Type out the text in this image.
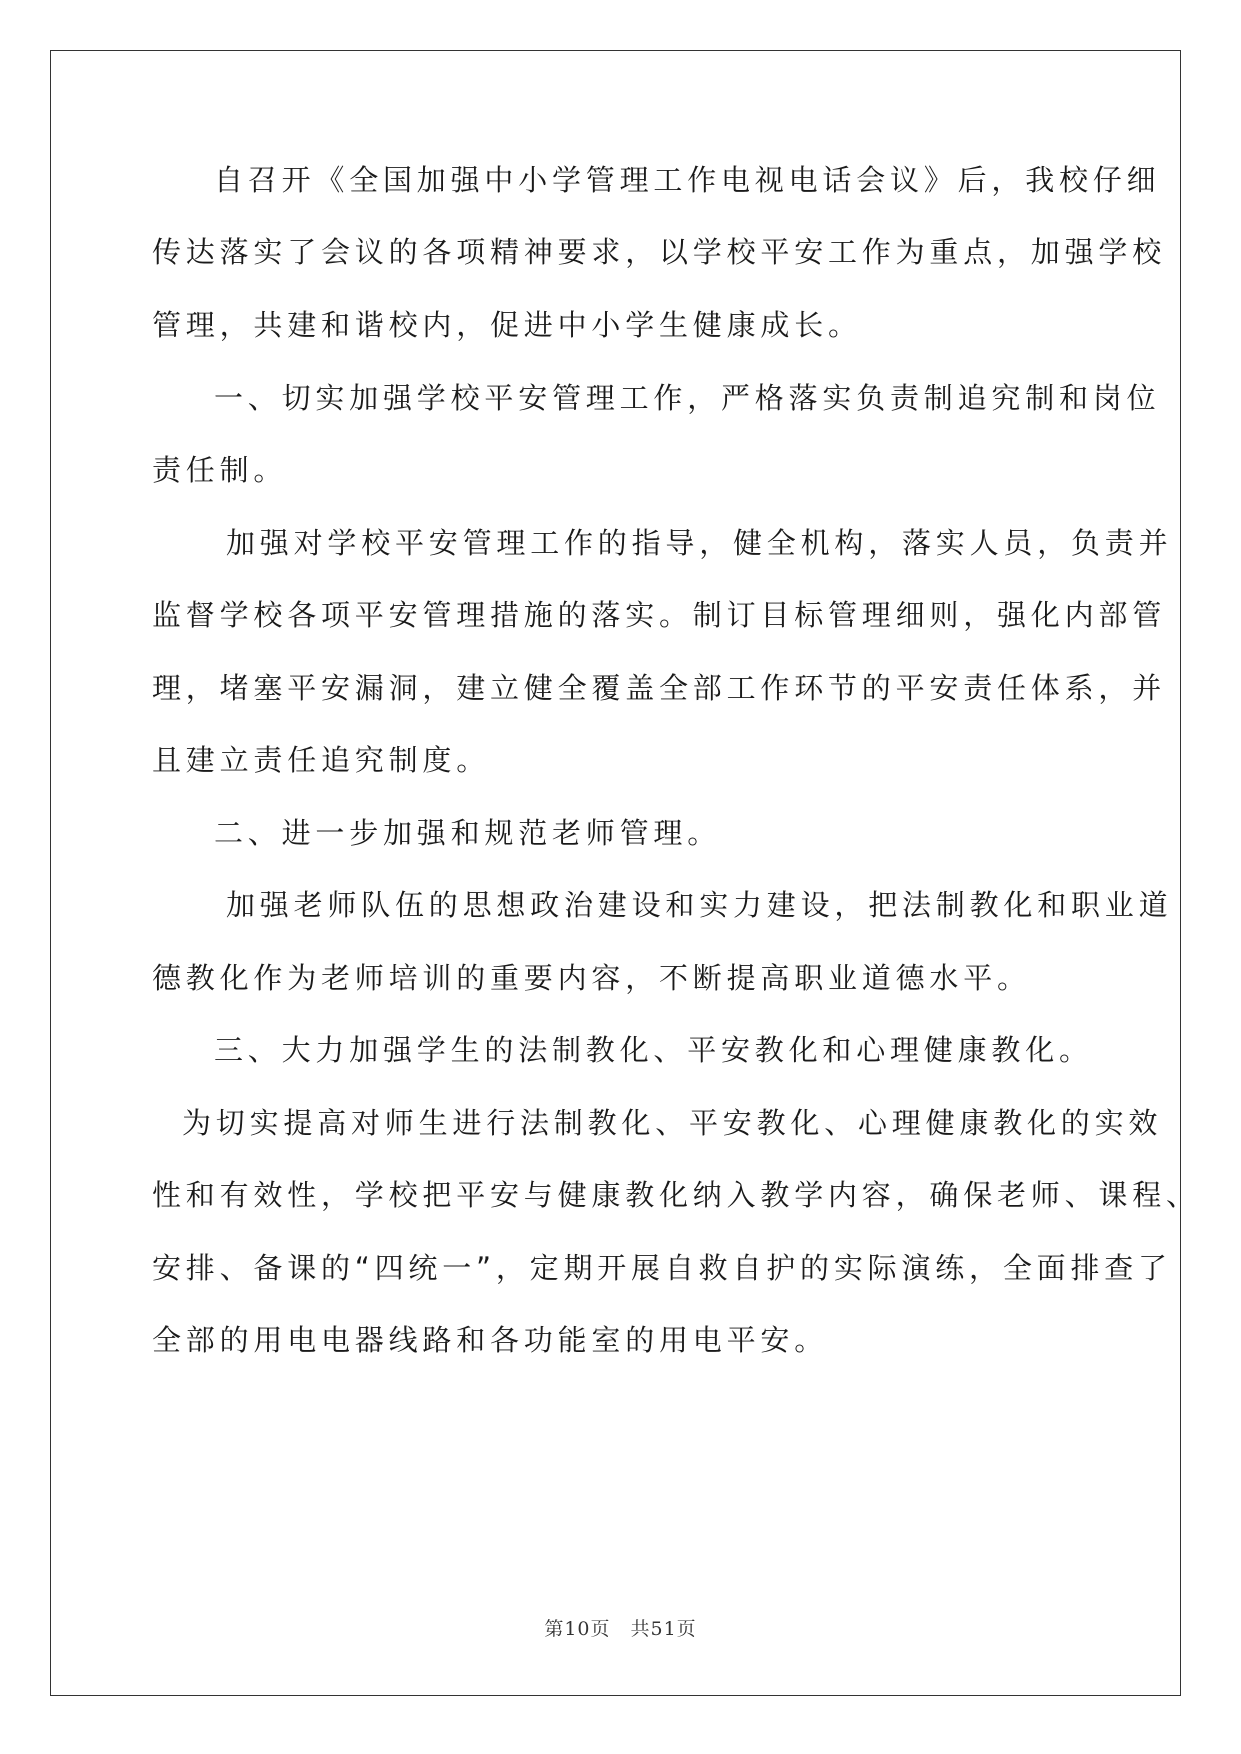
自召开《全国加强中小学管理工作电视电话会议》后，我校仔细
传达落实了会议的各项精神要求，以学校平安工作为重点，加强学校
管理，共建和谐校内，促进中小学生健康成长。
一、切实加强学校平安管理工作，严格落实负责制追究制和岗位
责任制。
加强对学校平安管理工作的指导，健全机构，落实人员，负责并
监督学校各项平安管理措施的落实。制订目标管理细则，强化内部管
理，堵塞平安漏洞，建立健全覆盖全部工作环节的平安责任体系，并
且建立责任追究制度。
二、进一步加强和规范老师管理。
加强老师队伍的思想政治建设和实力建设，把法制教化和职业道
德教化作为老师培训的重要内容，不断提高职业道德水平。
三、大力加强学生的法制教化、平安教化和心理健康教化。
为切实提高对师生进行法制教化、平安教化、心理健康教化的实效
性和有效性，学校把平安与健康教化纳入教学内容，确保老师、课程、
安排、备课的“四统一”，定期开展自救自护的实际演练，全面排查了
全部的用电电器线路和各功能室的用电平安。
第10页　共51页
